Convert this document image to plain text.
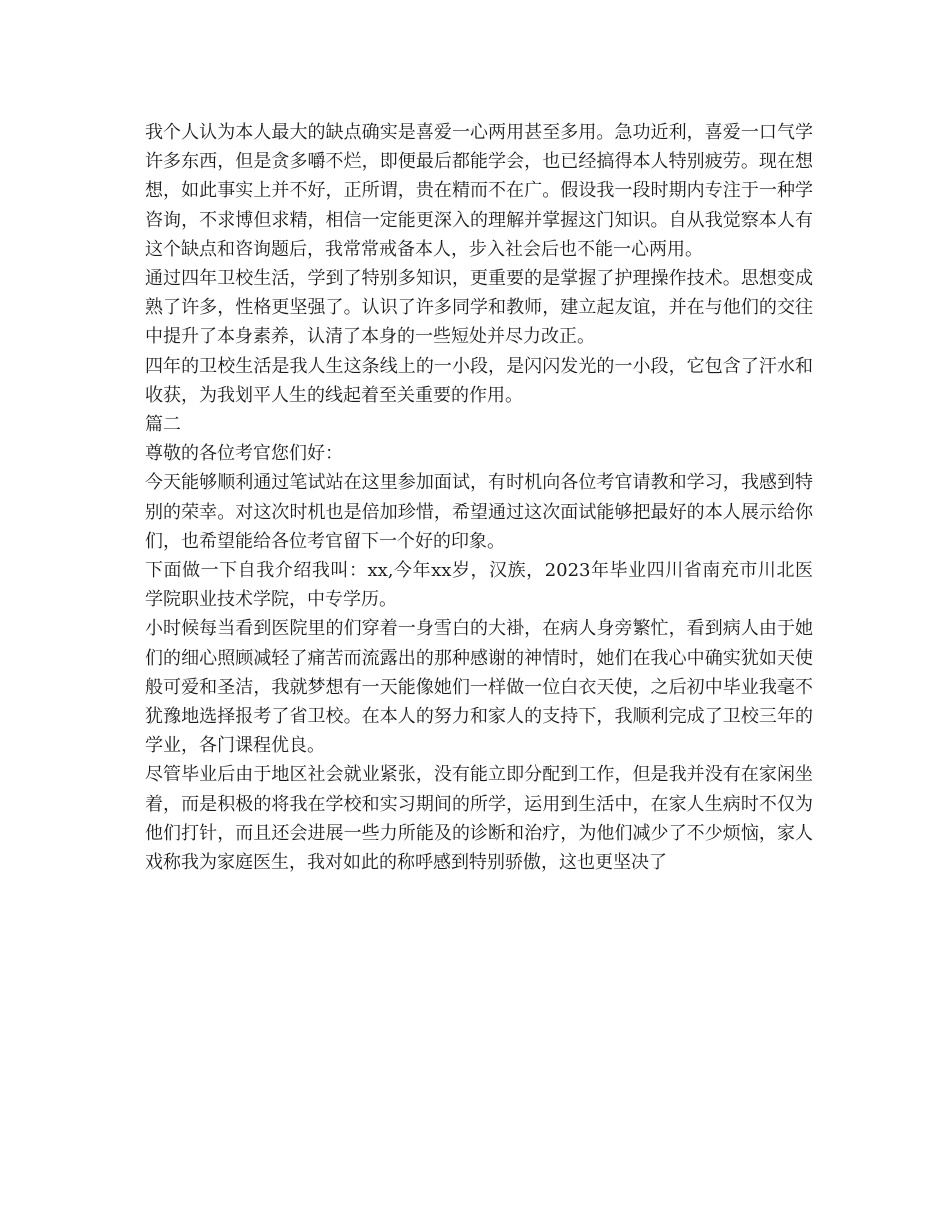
我个人认为本人最大的缺点确实是喜爱一心两用甚至多用。急功近利，喜爱一口气学许多东西，但是贪多嚼不烂，即便最后都能学会，也已经搞得本人特别疲劳。现在想想，如此事实上并不好，正所谓，贵在精而不在广。假设我一段时期内专注于一种学咨询，不求博但求精，相信一定能更深入的理解并掌握这门知识。自从我觉察本人有这个缺点和咨询题后，我常常戒备本人，步入社会后也不能一心两用。

通过四年卫校生活，学到了特别多知识，更重要的是掌握了护理操作技术。思想变成熟了许多，性格更坚强了。认识了许多同学和教师，建立起友谊，并在与他们的交往中提升了本身素养，认清了本身的一些短处并尽力改正。

四年的卫校生活是我人生这条线上的一小段，是闪闪发光的一小段，它包含了汗水和收获，为我划平人生的线起着至关重要的作用。

篇二

尊敬的各位考官您们好：

今天能够顺利通过笔试站在这里参加面试，有时机向各位考官请教和学习，我感到特别的荣幸。对这次时机也是倍加珍惜，希望通过这次面试能够把最好的本人展示给你们，也希望能给各位考官留下一个好的印象。

下面做一下自我介绍我叫：xx,今年xx岁，汉族，2023年毕业四川省南充市川北医学院职业技术学院，中专学历。

小时候每当看到医院里的们穿着一身雪白的大褂，在病人身旁繁忙，看到病人由于她们的细心照顾减轻了痛苦而流露出的那种感谢的神情时，她们在我心中确实犹如天使般可爱和圣洁，我就梦想有一天能像她们一样做一位白衣天使，之后初中毕业我毫不犹豫地选择报考了省卫校。在本人的努力和家人的支持下，我顺利完成了卫校三年的学业，各门课程优良。

尽管毕业后由于地区社会就业紧张，没有能立即分配到工作，但是我并没有在家闲坐着，而是积极的将我在学校和实习期间的所学，运用到生活中，在家人生病时不仅为他们打针，而且还会进展一些力所能及的诊断和治疗，为他们减少了不少烦恼，家人戏称我为家庭医生，我对如此的称呼感到特别骄傲，这也更坚决了
